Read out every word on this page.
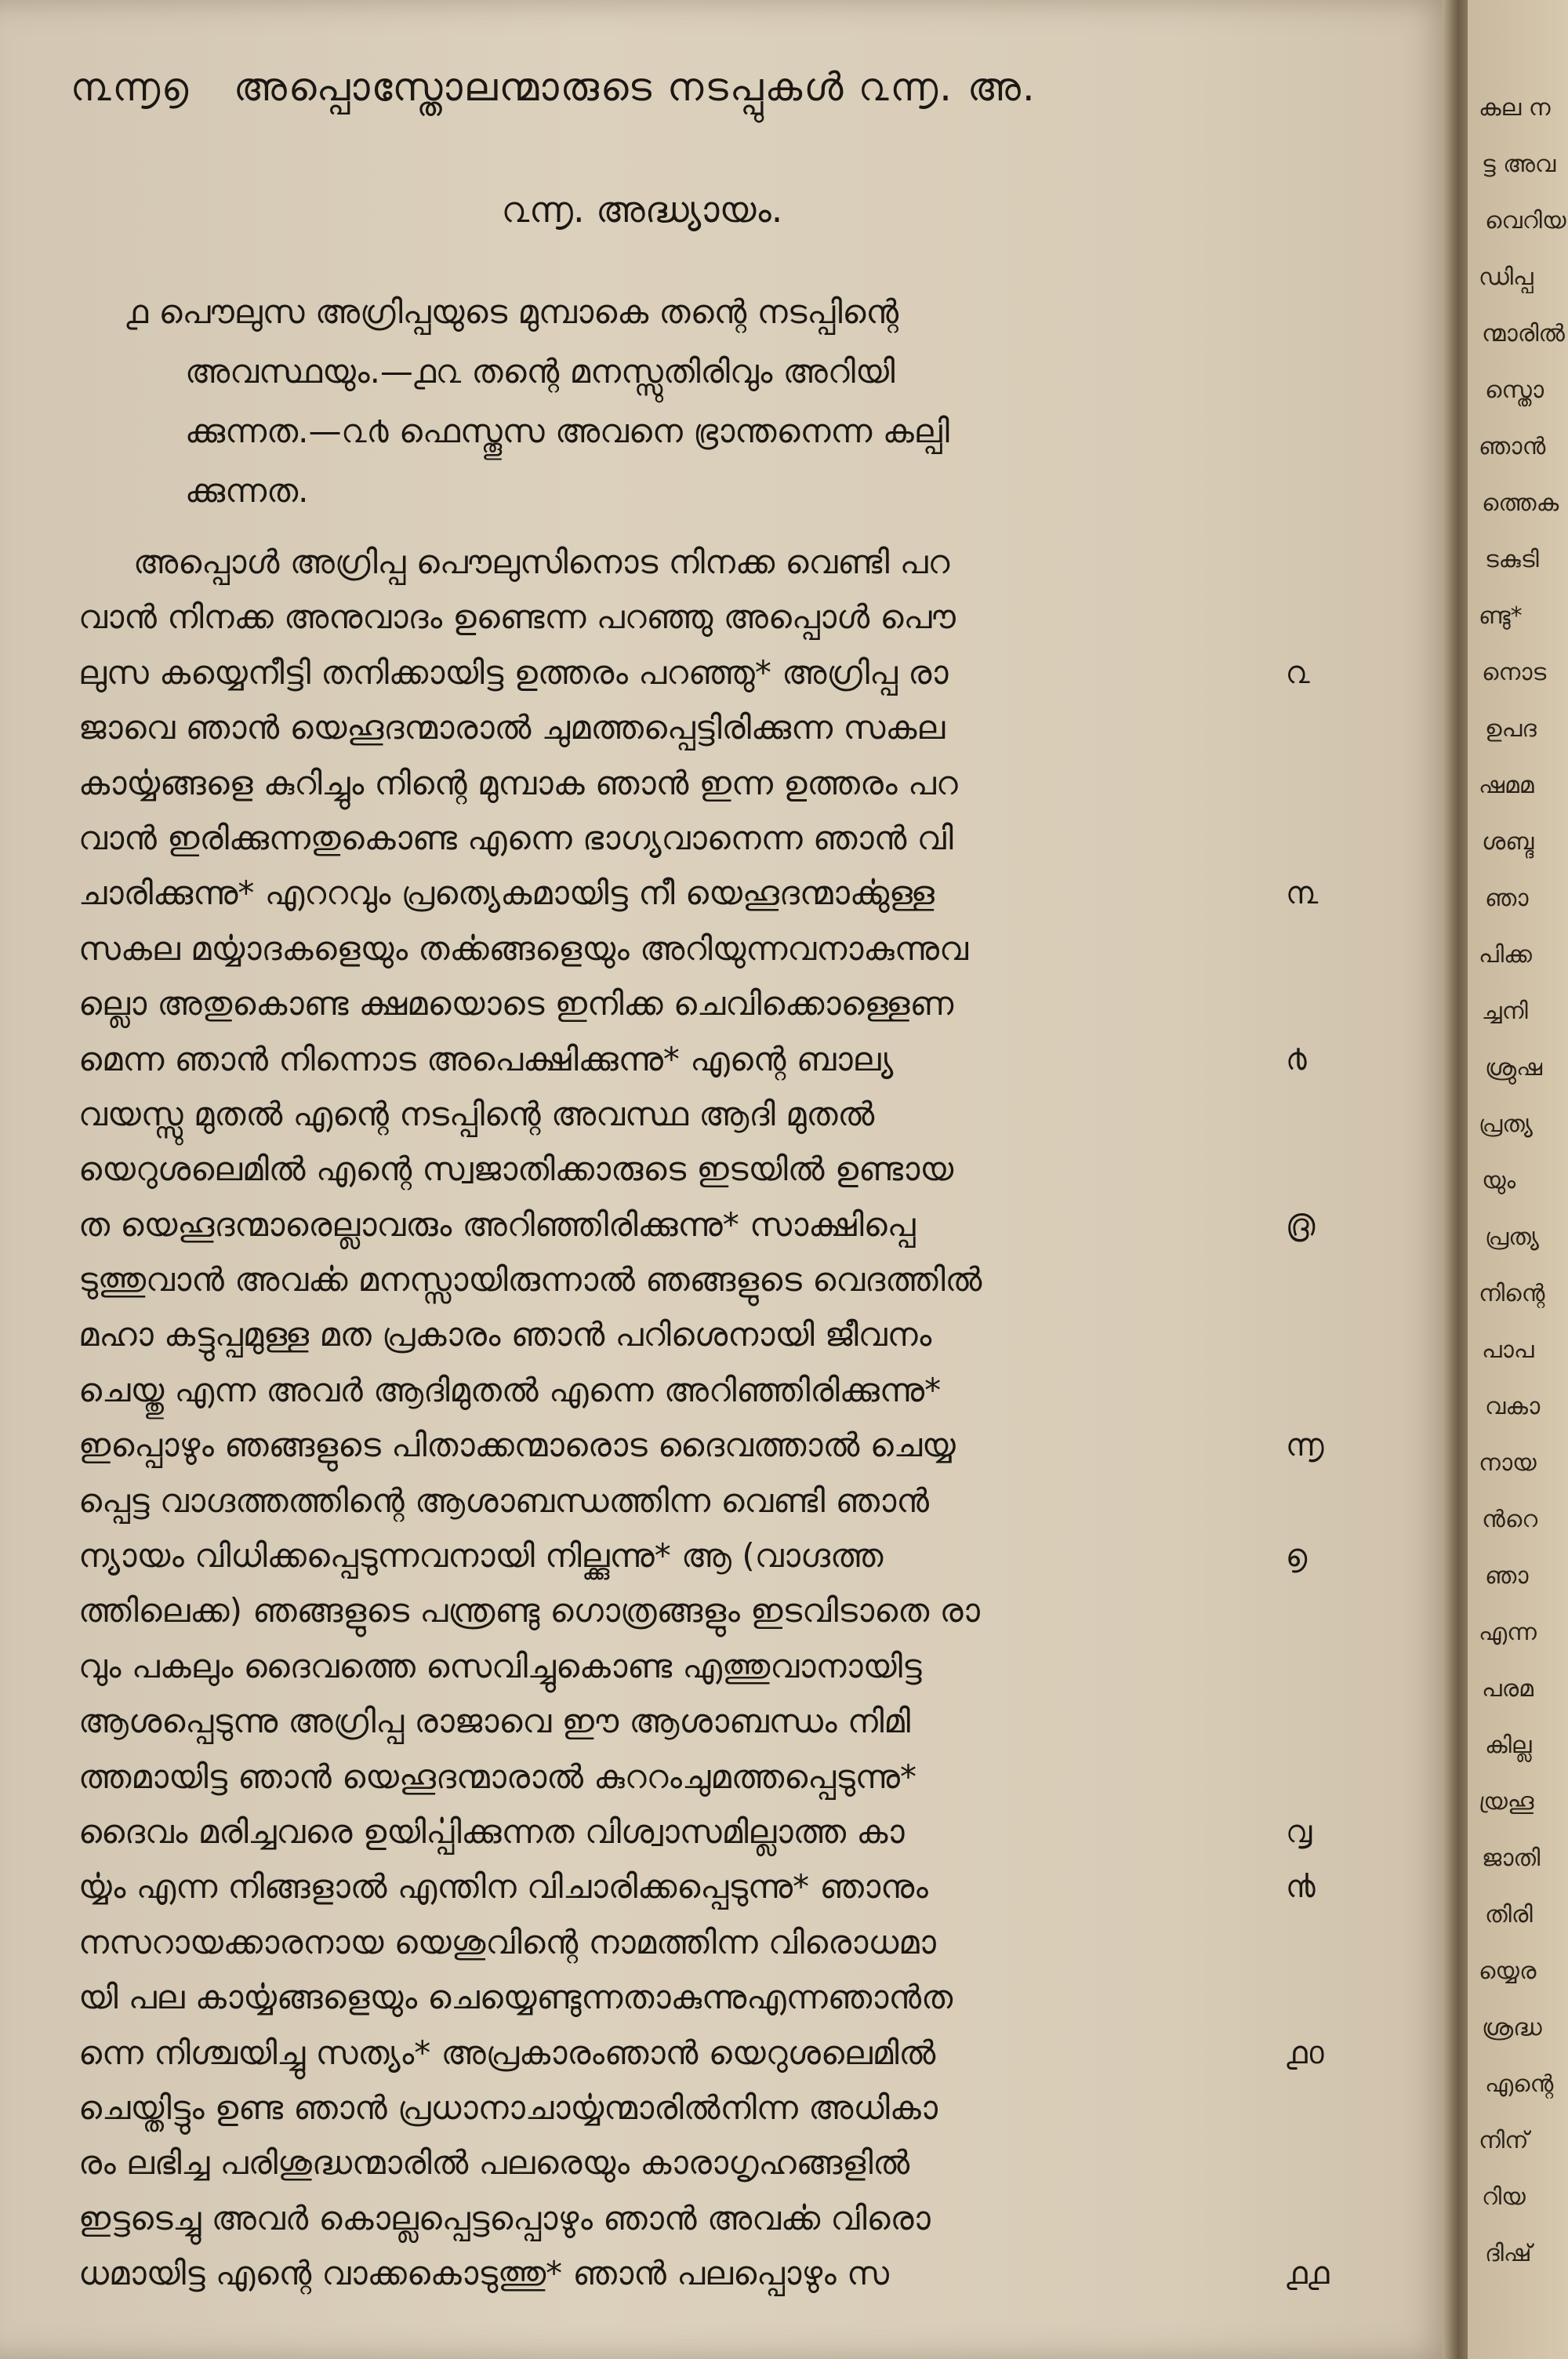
൩൬൭ അപ്പൊസ്തോലന്മാരുടെ നടപ്പുകൾ ൨൬. അ.
൨൬. അദ്ധ്യായം.
൧ പൌലുസ അഗ്രിപ്പയുടെ മുമ്പാകെ തന്റെ നടപ്പിന്റെ
അവസ്ഥയും.—൧൨ തന്റെ മനസ്സുതിരിവും അറിയി
ക്കുന്നത.—൨൪ ഫെസ്തൂസ അവനെ ഭ്രാന്തനെന്ന കല്പി
ക്കുന്നത.
അപ്പൊൾ അഗ്രിപ്പ പൌലുസിനൊട നിനക്ക വെണ്ടി പറ
വാൻ നിനക്ക അനുവാദം ഉണ്ടെന്ന പറഞ്ഞു അപ്പൊൾ പൌ
ലുസ കയ്യെനീട്ടി തനിക്കായിട്ട ഉത്തരം പറഞ്ഞു* അഗ്രിപ്പ രാ
ജാവെ ഞാൻ യെഹൂദന്മാരാൽ ചുമത്തപ്പെട്ടിരിക്കുന്ന സകല
കാൎയ്യങ്ങളെ കുറിച്ചും നിന്റെ മുമ്പാക ഞാൻ ഇന്ന ഉത്തരം പറ
വാൻ ഇരിക്കുന്നതുകൊണ്ട എന്നെ ഭാഗ്യവാനെന്ന ഞാൻ വി
ചാരിക്കുന്നു* എററവും പ്രത്യെകമായിട്ട നീ യെഹൂദന്മാൎക്കുള്ള
സകല മൎയ്യാദകളെയും തൎക്കങ്ങളെയും അറിയുന്നവനാകുന്നുവ
ല്ലൊ അതുകൊണ്ട ക്ഷമയൊടെ ഇനിക്ക ചെവിക്കൊള്ളെണ
മെന്ന ഞാൻ നിന്നൊട അപെക്ഷിക്കുന്നു* എന്റെ ബാല്യ
വയസ്സു മുതൽ എന്റെ നടപ്പിന്റെ അവസ്ഥ ആദി മുതൽ
യെറുശലെമിൽ എന്റെ സ്വജാതിക്കാരുടെ ഇടയിൽ ഉണ്ടായ
ത യെഹൂദന്മാരെല്ലാവരും അറിഞ്ഞിരിക്കുന്നു* സാക്ഷിപ്പെ
ടുത്തുവാൻ അവൎക്ക മനസ്സായിരുന്നാൽ ഞങ്ങളുടെ വെദത്തിൽ
മഹാ കട്ടുപ്പമുള്ള മത പ്രകാരം ഞാൻ പറിശെനായി ജീവനം
ചെയ്തു എന്ന അവർ ആദിമുതൽ എന്നെ അറിഞ്ഞിരിക്കുന്നു*
ഇപ്പൊഴും ഞങ്ങളുടെ പിതാക്കന്മാരൊട ദൈവത്താൽ ചെയ്യ
പ്പെട്ട വാഗ്ദത്തത്തിന്റെ ആശാബന്ധത്തിന്ന വെണ്ടി ഞാൻ
ന്യായം വിധിക്കപ്പെടുന്നവനായി നില്ക്കുന്നു* ആ (വാഗ്ദത്ത
ത്തിലെക്ക) ഞങ്ങളുടെ പന്ത്രണ്ടു ഗൊത്രങ്ങളും ഇടവിടാതെ രാ
വും പകലും ദൈവത്തെ സെവിച്ചുകൊണ്ട എത്തുവാനായിട്ട
ആശപ്പെടുന്നു അഗ്രിപ്പ രാജാവെ ഈ ആശാബന്ധം നിമി
ത്തമായിട്ട ഞാൻ യെഹൂദന്മാരാൽ കുററംചുമത്തപ്പെടുന്നു*
ദൈവം മരിച്ചവരെ ഉയിൎപ്പിക്കുന്നത വിശ്വാസമില്ലാത്ത കാ
ൎയ്യം എന്ന നിങ്ങളാൽ എന്തിന വിചാരിക്കപ്പെടുന്നു* ഞാനും
നസറായക്കാരനായ യെശുവിന്റെ നാമത്തിന്ന വിരൊധമാ
യി പല കാൎയ്യങ്ങളെയും ചെയ്യെണ്ടുന്നതാകുന്നുഎന്നഞാൻത
ന്നെ നിശ്ചയിച്ചു സത്യം* അപ്രകാരംഞാൻ യെറുശലെമിൽ
ചെയ്തിട്ടും ഉണ്ട ഞാൻ പ്രധാനാചാൎയ്യന്മാരിൽനിന്ന അധികാ
രം ലഭിച്ച പരിശുദ്ധന്മാരിൽ പലരെയും കാരാഗൃഹങ്ങളിൽ
ഇട്ടടെച്ചു അവർ കൊല്ലപ്പെട്ടപ്പൊഴും ഞാൻ അവൎക്ക വിരൊ
ധമായിട്ട എന്റെ വാക്കകൊടുത്തു* ഞാൻ പലപ്പൊഴും സ
൨
൩
൪
൫
൬
൭
൮
൯
൧൦
൧൧
കല ന
ട്ട അവ
വെറിയ
ഡിപ്പ
ന്മാരിൽ
സ്തൊ
ഞാൻ
ത്തെക
ടകുടി
ണ്ടു*
നൊട
ഉപദ
ഷമമ
ശബ്ദ
ഞാ
പിക്ക
ച്ചനി
ശ്രുഷ
പ്രത്യ
യും
പ്രത്യ
നിന്റെ
പാപ
വകാ
നായ
ൻറെ
ഞാ
എന്ന
പരമ
കില്ല
യ്രഹൂ
ജാതി
തിരി
യ്യെര
ശ്രദ്ധ
എന്റെ
നിന്
റിയ
ദിഷ്
